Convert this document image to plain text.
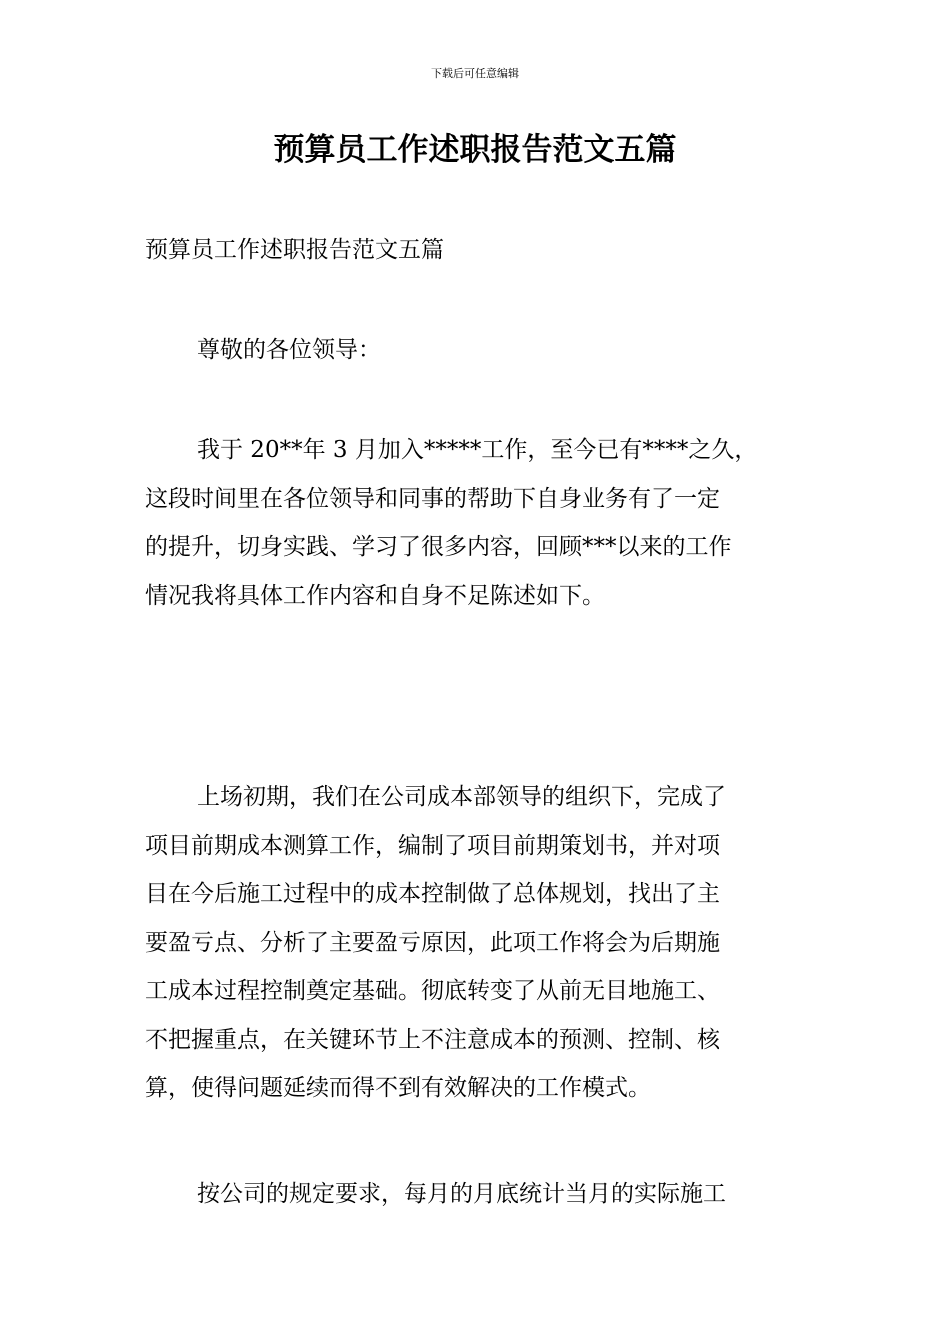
下载后可任意编辑
预算员工作述职报告范文五篇

预算员工作述职报告范文五篇

尊敬的各位领导：

我于 20**年 3 月加入*****工作，至今已有****之久，
这段时间里在各位领导和同事的帮助下自身业务有了一定
的提升，切身实践、学习了很多内容，回顾***以来的工作
情况我将具体工作内容和自身不足陈述如下。

上场初期，我们在公司成本部领导的组织下，完成了
项目前期成本测算工作，编制了项目前期策划书，并对项
目在今后施工过程中的成本控制做了总体规划，找出了主
要盈亏点、分析了主要盈亏原因，此项工作将会为后期施
工成本过程控制奠定基础。彻底转变了从前无目地施工、
不把握重点，在关键环节上不注意成本的预测、控制、核
算，使得问题延续而得不到有效解决的工作模式。

按公司的规定要求，每月的月底统计当月的实际施工
